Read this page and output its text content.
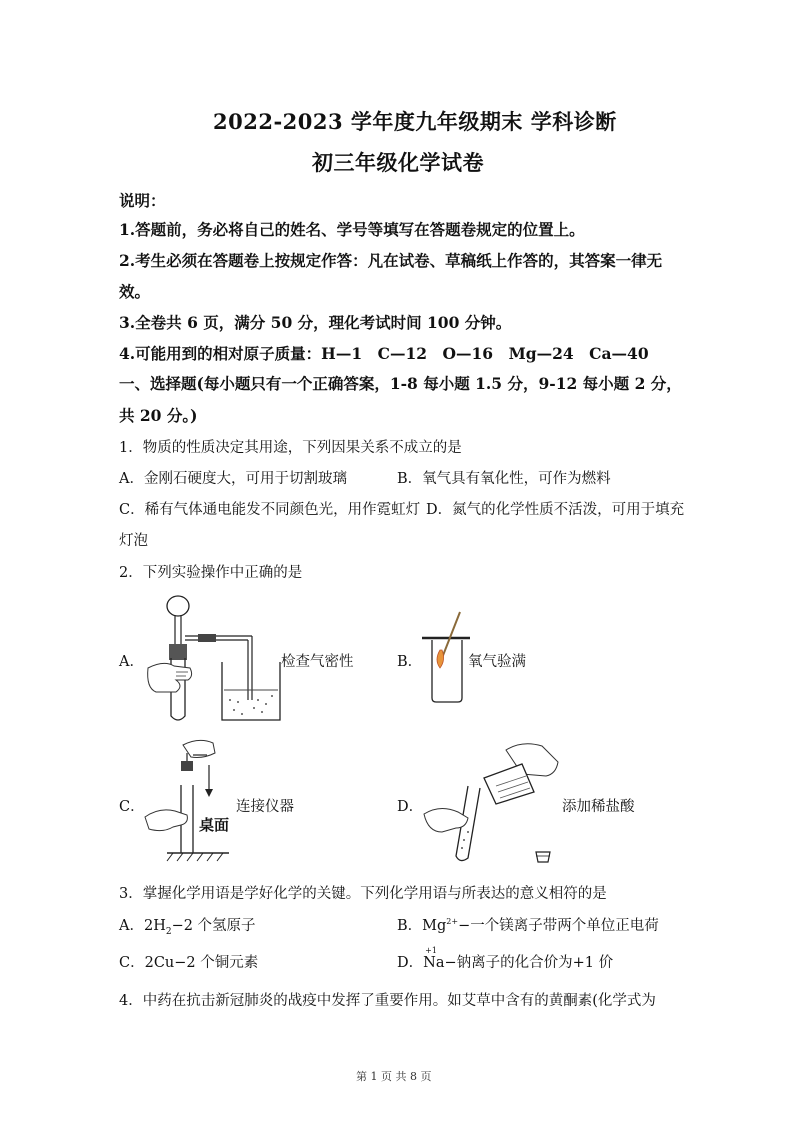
2022-2023 学年度九年级期末 学科诊断
初三年级化学试卷
说明：
1.答题前，务必将自己的姓名、学号等填写在答题卷规定的位置上。
2.考生必须在答题卷上按规定作答：凡在试卷、草稿纸上作答的，其答案一律无
效。
3.全卷共 6 页，满分 50 分，理化考试时间 100 分钟。
4.可能用到的相对原子质量：H—1　C—12　O—16　Mg—24　Ca—40
一、选择题(每小题只有一个正确答案，1-8 每小题 1.5 分，9-12 每小题 2 分，
共 20 分。)
1．物质的性质决定其用途，下列因果关系不成立的是
A．金刚石硬度大，可用于切割玻璃	B．氧气具有氧化性，可作为燃料
C．稀有气体通电能发不同颜色光，用作霓虹灯 D．氮气的化学性质不活泼，可用于填充
灯泡
2．下列实验操作中正确的是
A．	检查气密性	B．	氧气验满
C．
桌面
连接仪器	D．	添加稀盐酸
3．掌握化学用语是学好化学的关键。下列化学用语与所表达的意义相符的是
A．$2H_2-2$ 个氢原子	B．$Mg^{2+}-$一个镁离子带两个单位正电荷
C．2Cu−2 个铜元素	D．
+1
Na−钠离子的化合价为+1 价
4．中药在抗击新冠肺炎的战疫中发挥了重要作用。如艾草中含有的黄酮素(化学式为
第 1 页 共 8 页
